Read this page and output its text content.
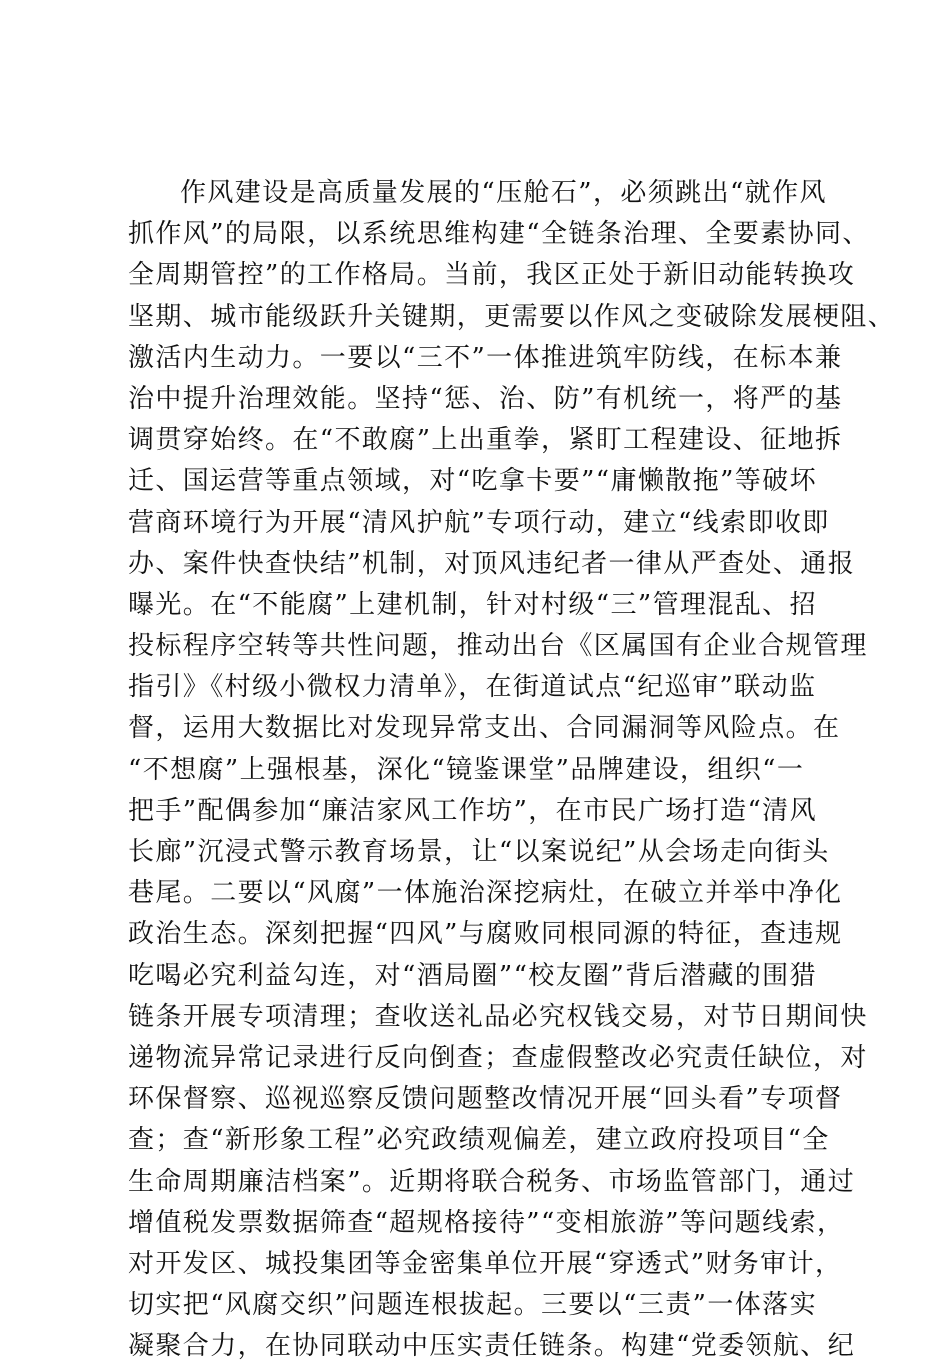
作风建设是高质量发展的“压舱石”，必须跳出“就作风
抓作风”的局限，以系统思维构建“全链条治理、全要素协同、
全周期管控”的工作格局。当前，我区正处于新旧动能转换攻
坚期、城市能级跃升关键期，更需要以作风之变破除发展梗阻、
激活内生动力。一要以“三不”一体推进筑牢防线，在标本兼
治中提升治理效能。坚持“惩、治、防”有机统一，将严的基
调贯穿始终。在“不敢腐”上出重拳，紧盯工程建设、征地拆
迁、国运营等重点领域，对“吃拿卡要”“庸懒散拖”等破坏
营商环境行为开展“清风护航”专项行动，建立“线索即收即
办、案件快查快结”机制，对顶风违纪者一律从严查处、通报
曝光。在“不能腐”上建机制，针对村级“三”管理混乱、招
投标程序空转等共性问题，推动出台《区属国有企业合规管理
指引》《村级小微权力清单》，在街道试点“纪巡审”联动监
督，运用大数据比对发现异常支出、合同漏洞等风险点。在
“不想腐”上强根基，深化“镜鉴课堂”品牌建设，组织“一
把手”配偶参加“廉洁家风工作坊”，在市民广场打造“清风
长廊”沉浸式警示教育场景，让“以案说纪”从会场走向街头
巷尾。二要以“风腐”一体施治深挖病灶，在破立并举中净化
政治生态。深刻把握“四风”与腐败同根同源的特征，查违规
吃喝必究利益勾连，对“酒局圈”“校友圈”背后潜藏的围猎
链条开展专项清理；查收送礼品必究权钱交易，对节日期间快
递物流异常记录进行反向倒查；查虚假整改必究责任缺位，对
环保督察、巡视巡察反馈问题整改情况开展“回头看”专项督
查；查“新形象工程”必究政绩观偏差，建立政府投项目“全
生命周期廉洁档案”。近期将联合税务、市场监管部门，通过
增值税发票数据筛查“超规格接待”“变相旅游”等问题线索，
对开发区、城投集团等金密集单位开展“穿透式”财务审计，
切实把“风腐交织”问题连根拔起。三要以“三责”一体落实
凝聚合力，在协同联动中压实责任链条。构建“党委领航、纪
